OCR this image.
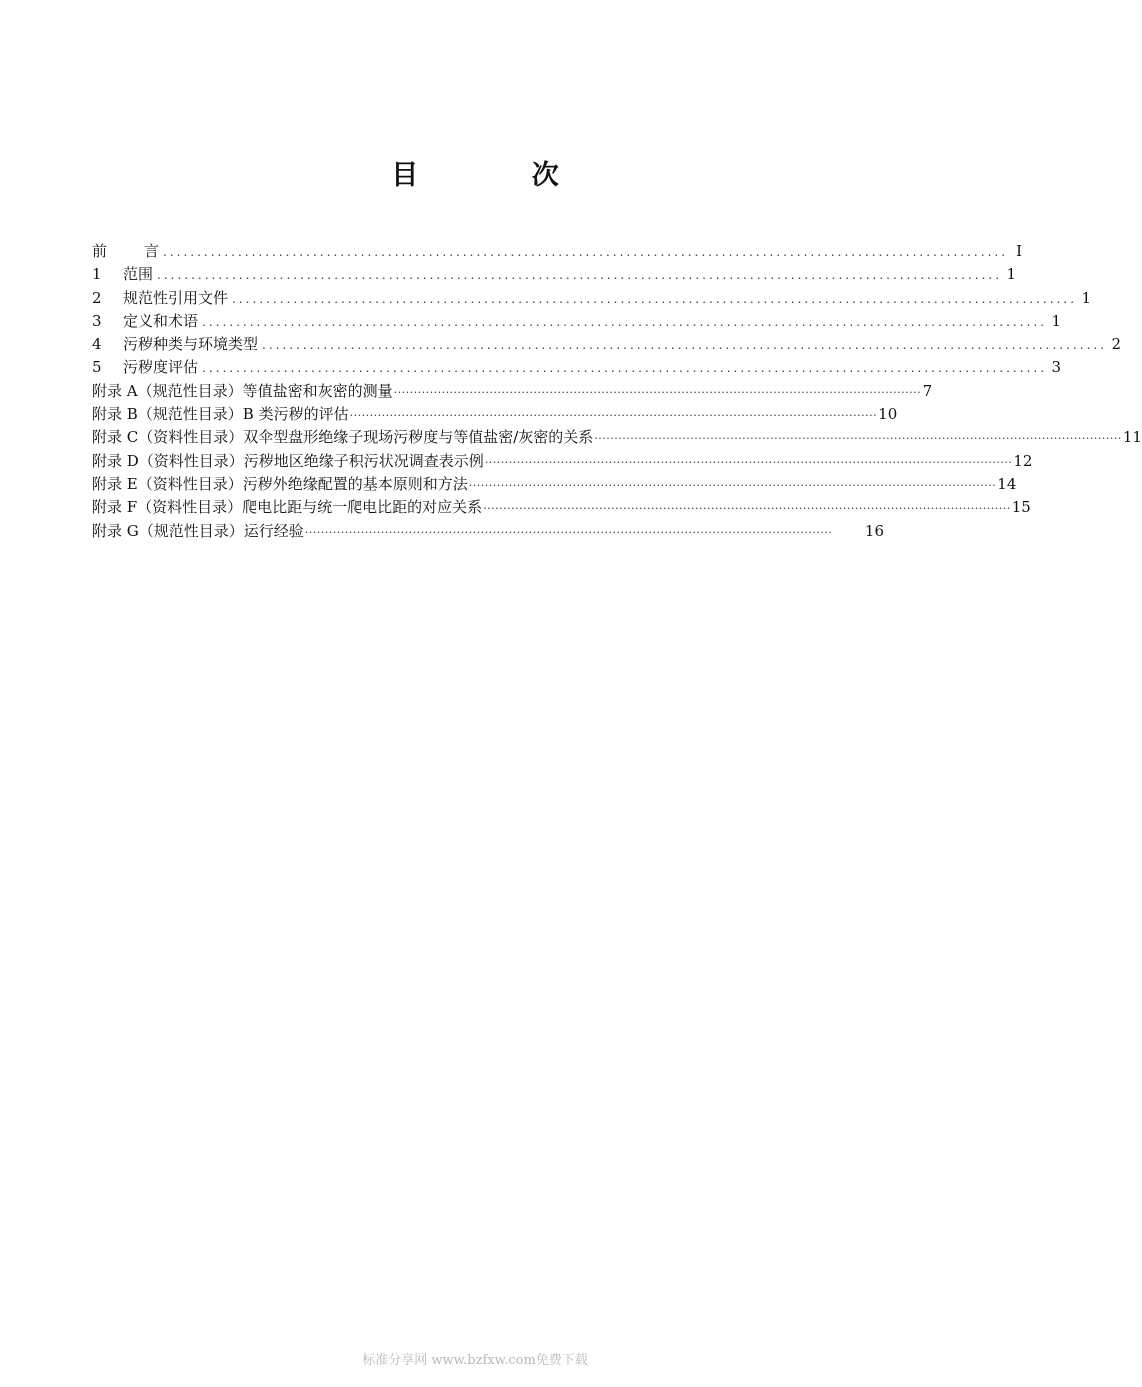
目 次
前 言 ............................................................................................................................ I
1 范围 ............................................................................................................................ 1
2 规范性引用文件 ............................................................................................................................ 1
3 定义和术语 ............................................................................................................................ 1
4 污秽种类与环境类型 ............................................................................................................................ 2
5 污秽度评估 ............................................................................................................................ 3
附录 A（规范性目录）等值盐密和灰密的测量 ···································································································································· 7
附录 B（规范性目录）B 类污秽的评估 ···································································································································· 10
附录 C（资料性目录）双伞型盘形绝缘子现场污秽度与等值盐密/灰密的关系 ···································································································································· 11
附录 D（资料性目录）污秽地区绝缘子积污状况调查表示例 ···································································································································· 12
附录 E（资料性目录）污秽外绝缘配置的基本原则和方法 ···································································································································· 14
附录 F（资料性目录）爬电比距与统一爬电比距的对应关系 ···································································································································· 15
附录 G（规范性目录）运行经验 ····································································································································	16
标准分享网 www.bzfxw.com免费下载
